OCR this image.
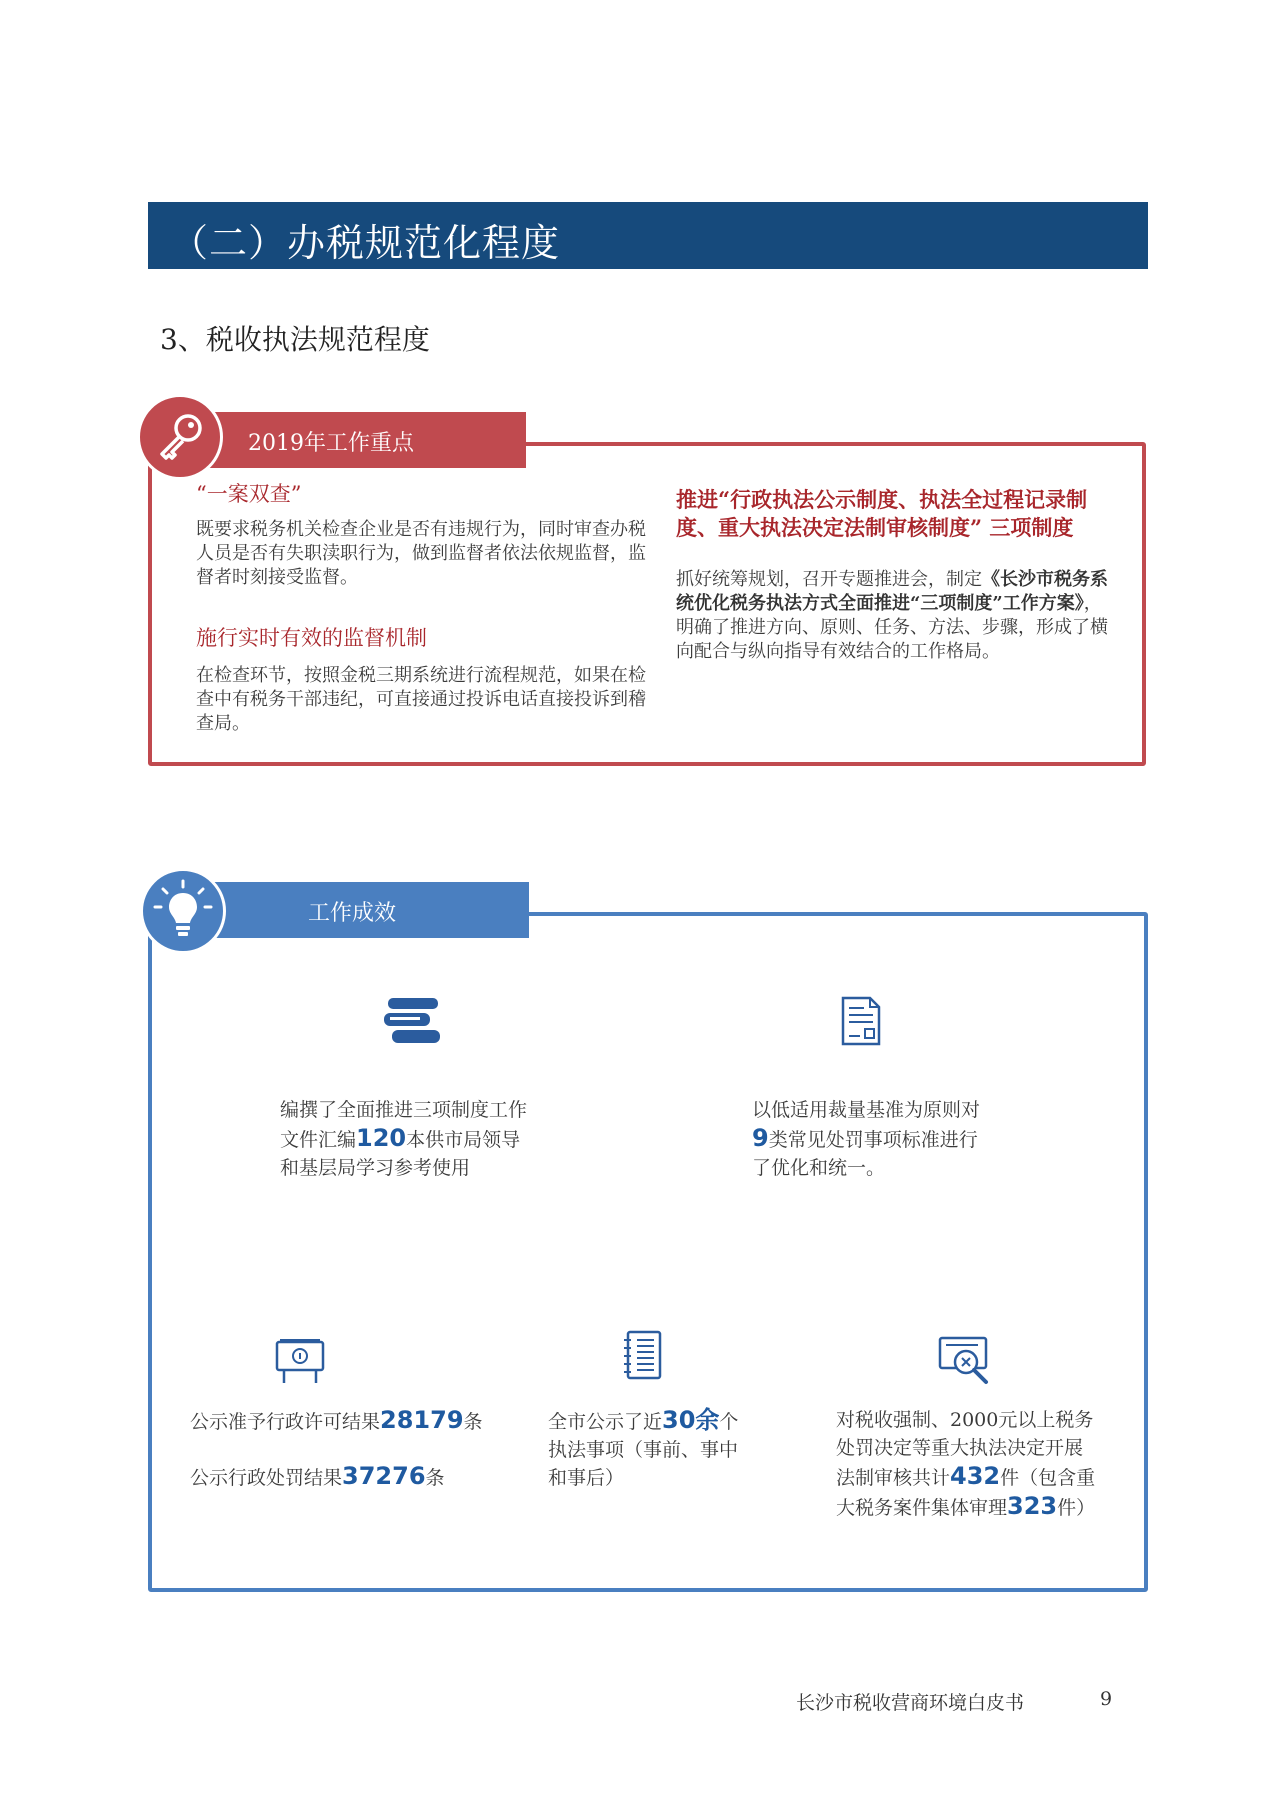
（二）办税规范化程度
3、税收执法规范程度
2019年工作重点
“一案双查”
既要求税务机关检查企业是否有违规行为，同时审查办税人员是否有失职渎职行为，做到监督者依法依规监督，监督者时刻接受监督。
施行实时有效的监督机制
在检查环节，按照金税三期系统进行流程规范，如果在检查中有税务干部违纪，可直接通过投诉电话直接投诉到稽查局。
推进“行政执法公示制度、执法全过程记录制度、重大执法决定法制审核制度” 三项制度
抓好统筹规划，召开专题推进会，制定《长沙市税务系统优化税务执法方式全面推进“三项制度”工作方案》，明确了推进方向、原则、任务、方法、步骤，形成了横向配合与纵向指导有效结合的工作格局。
工作成效
编撰了全面推进三项制度工作文件汇编120本供市局领导和基层局学习参考使用
以低适用裁量基准为原则对9类常见处罚事项标准进行了优化和统一。
公示准予行政许可结果28179条
公示行政处罚结果37276条
全市公示了近30余个执法事项（事前、事中和事后）
对税收强制、2000元以上税务处罚决定等重大执法决定开展法制审核共计432件（包含重大税务案件集体审理323件）
长沙市税收营商环境白皮书	9
